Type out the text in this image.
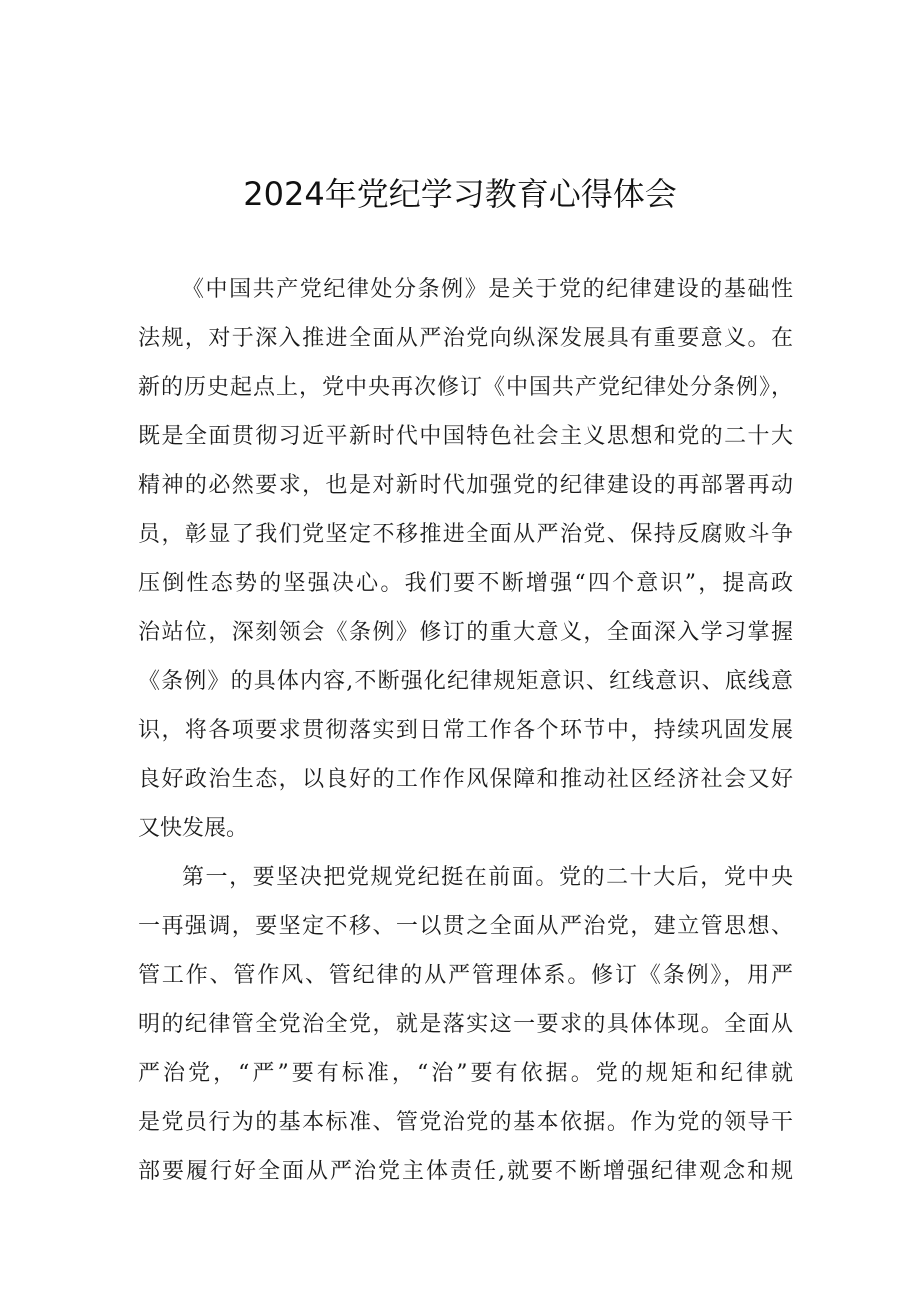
2024年党纪学习教育心得体会
《中国共产党纪律处分条例》是关于党的纪律建设的基础性
法规，对于深入推进全面从严治党向纵深发展具有重要意义。在
新的历史起点上，党中央再次修订《中国共产党纪律处分条例》，
既是全面贯彻习近平新时代中国特色社会主义思想和党的二十大
精神的必然要求，也是对新时代加强党的纪律建设的再部署再动
员，彰显了我们党坚定不移推进全面从严治党、保持反腐败斗争
压倒性态势的坚强决心。我们要不断增强“四个意识”，提高政
治站位，深刻领会《条例》修订的重大意义，全面深入学习掌握
《条例》的具体内容,不断强化纪律规矩意识、红线意识、底线意
识，将各项要求贯彻落实到日常工作各个环节中，持续巩固发展
良好政治生态，以良好的工作作风保障和推动社区经济社会又好
又快发展。
第一，要坚决把党规党纪挺在前面。党的二十大后，党中央
一再强调，要坚定不移、一以贯之全面从严治党，建立管思想、
管工作、管作风、管纪律的从严管理体系。修订《条例》，用严
明的纪律管全党治全党，就是落实这一要求的具体体现。全面从
严治党，“严”要有标准，“治”要有依据。党的规矩和纪律就
是党员行为的基本标准、管党治党的基本依据。作为党的领导干
部要履行好全面从严治党主体责任,就要不断增强纪律观念和规
